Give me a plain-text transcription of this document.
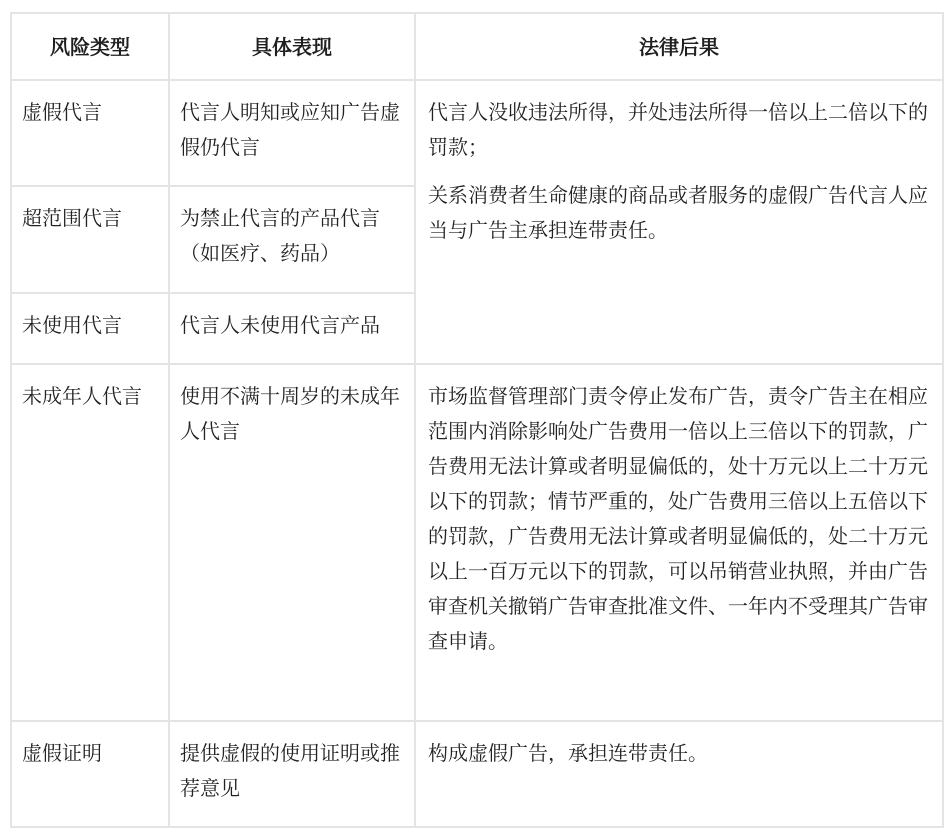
风险类型	具体表现	法律后果
虚假代言	代言人明知或应知广告虚假仍代言	代言人没收违法所得，并处违法所得一倍以上二倍以下的罚款；
关系消费者生命健康的商品或者服务的虚假广告代言人应当与广告主承担连带责任。

超范围代言	为禁止代言的产品代言（如医疗、药品）	
未使用代言	代言人未使用代言产品	
未成年人代言	使用不满十周岁的未成年人代言	市场监督管理部门责令停止发布广告，责令广告主在相应范围内消除影响处广告费用一倍以上三倍以下的罚款，广告费用无法计算或者明显偏低的，处十万元以上二十万元以下的罚款；情节严重的，处广告费用三倍以上五倍以下的罚款，广告费用无法计算或者明显偏低的，处二十万元以上一百万元以下的罚款，可以吊销营业执照，并由广告审查机关撤销广告审查批准文件、一年内不受理其广告审查申请。
虚假证明	提供虚假的使用证明或推荐意见	构成虚假广告，承担连带责任。
